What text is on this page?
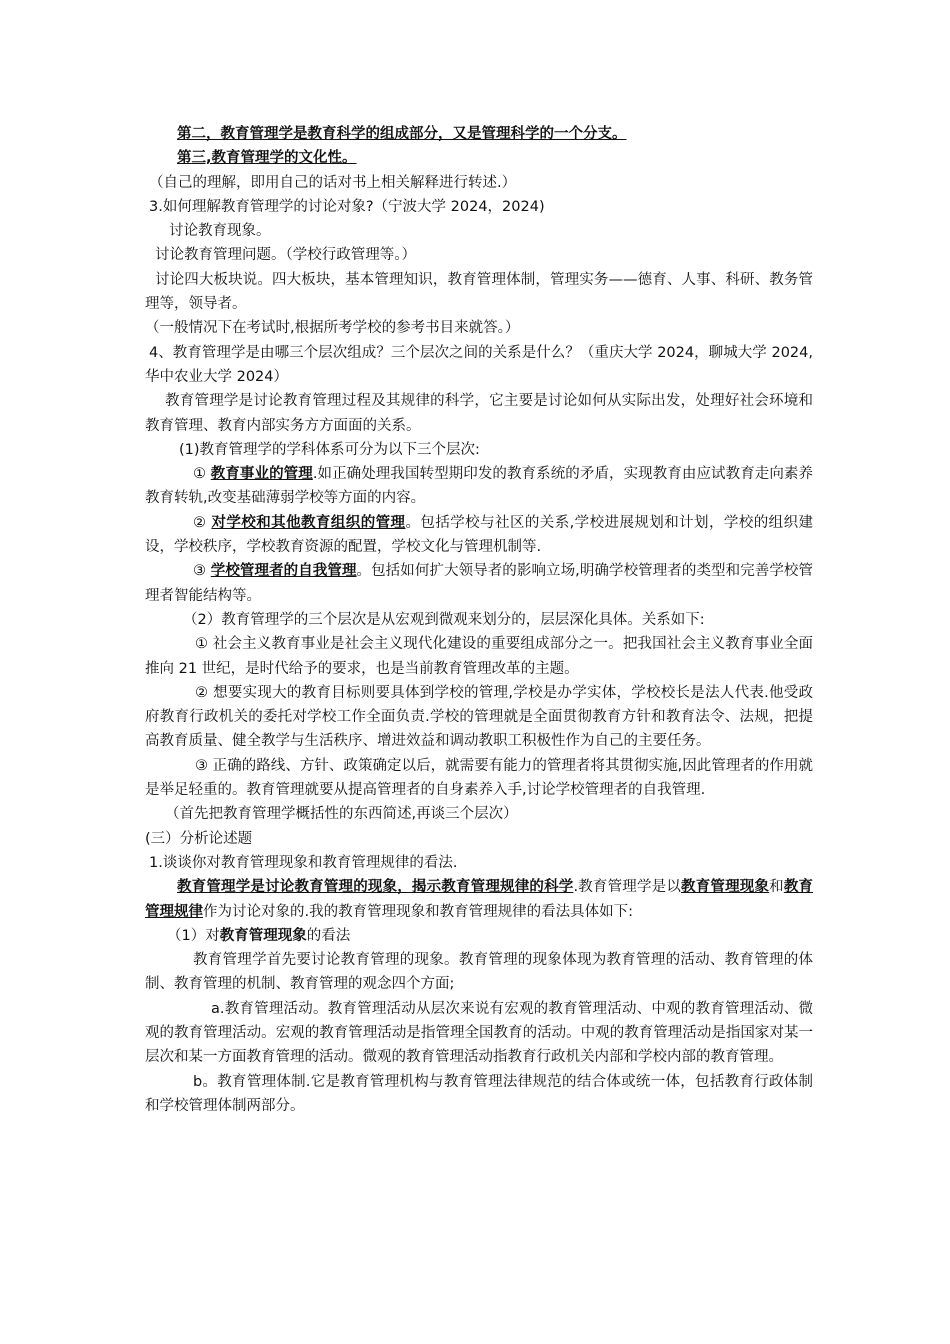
第二，教育管理学是教育科学的组成部分，又是管理科学的一个分支。

第三,教育管理学的文化性。

（自己的理解，即用自己的话对书上相关解释进行转述.）

3.如何理解教育管理学的讨论对象?（宁波大学 2024，2024)

讨论教育现象。

讨论教育管理问题。（学校行政管理等。）

讨论四大板块说。四大板块，基本管理知识，教育管理体制，管理实务——德育、人事、科研、教务管理等，领导者。

（一般情况下在考试时,根据所考学校的参考书目来就答。）

4、教育管理学是由哪三个层次组成？三个层次之间的关系是什么？（重庆大学 2024，聊城大学 2024,华中农业大学 2024）

教育管理学是讨论教育管理过程及其规律的科学，它主要是讨论如何从实际出发，处理好社会环境和教育管理、教育内部实务方方面面的关系。

(1)教育管理学的学科体系可分为以下三个层次:

① 教育事业的管理.如正确处理我国转型期印发的教育系统的矛盾，实现教育由应试教育走向素养教育转轨,改变基础薄弱学校等方面的内容。

② 对学校和其他教育组织的管理。包括学校与社区的关系,学校进展规划和计划，学校的组织建设，学校秩序，学校教育资源的配置，学校文化与管理机制等.

③ 学校管理者的自我管理。包括如何扩大领导者的影响立场,明确学校管理者的类型和完善学校管理者智能结构等。

（2）教育管理学的三个层次是从宏观到微观来划分的，层层深化具体。关系如下:

① 社会主义教育事业是社会主义现代化建设的重要组成部分之一。把我国社会主义教育事业全面推向 21 世纪，是时代给予的要求，也是当前教育管理改革的主题。

② 想要实现大的教育目标则要具体到学校的管理,学校是办学实体，学校校长是法人代表.他受政府教育行政机关的委托对学校工作全面负责.学校的管理就是全面贯彻教育方针和教育法令、法规，把提高教育质量、健全教学与生活秩序、增进效益和调动教职工积极性作为自己的主要任务。

③ 正确的路线、方针、政策确定以后，就需要有能力的管理者将其贯彻实施,因此管理者的作用就是举足轻重的。教育管理就要从提高管理者的自身素养入手,讨论学校管理者的自我管理.

（首先把教育管理学概括性的东西简述,再谈三个层次）

(三）分析论述题

1.谈谈你对教育管理现象和教育管理规律的看法.

教育管理学是讨论教育管理的现象，揭示教育管理规律的科学.教育管理学是以教育管理现象和教育管理规律作为讨论对象的.我的教育管理现象和教育管理规律的看法具体如下:

（1）对教育管理现象的看法

教育管理学首先要讨论教育管理的现象。教育管理的现象体现为教育管理的活动、教育管理的体制、教育管理的机制、教育管理的观念四个方面;

a.教育管理活动。教育管理活动从层次来说有宏观的教育管理活动、中观的教育管理活动、微观的教育管理活动。宏观的教育管理活动是指管理全国教育的活动。中观的教育管理活动是指国家对某一层次和某一方面教育管理的活动。微观的教育管理活动指教育行政机关内部和学校内部的教育管理。

b。教育管理体制.它是教育管理机构与教育管理法律规范的结合体或统一体，包括教育行政体制和学校管理体制两部分。
